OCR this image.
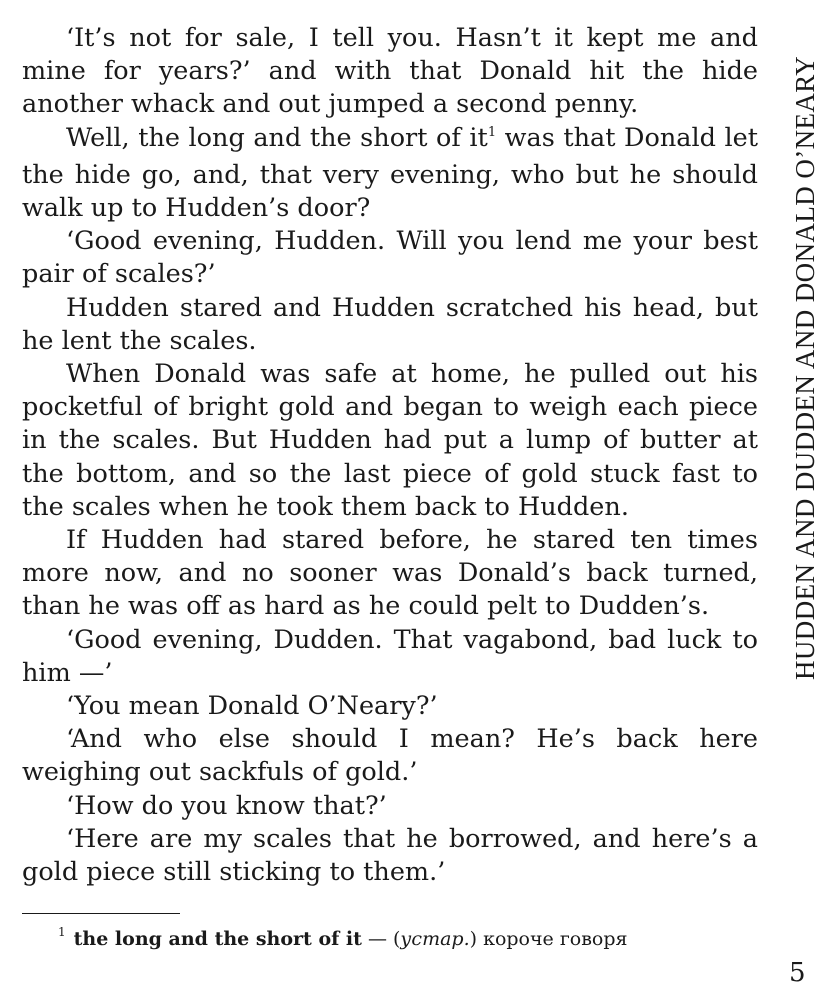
HUDDEN AND DUDDEN AND DONALD O’NEARY

‘It’s not for sale, I tell you. Hasn’t it kept me and mine for years?’ and with that Donald hit the hide another whack and out jumped a second penny.

Well, the long and the short of $it^1$ was that Donald let the hide go, and, that very evening, who but he should walk up to Hudden’s door?

‘Good evening, Hudden. Will you lend me your best pair of scales?’

Hudden stared and Hudden scratched his head, but he lent the scales.

When Donald was safe at home, he pulled out his pocketful of bright gold and began to weigh each piece in the scales. But Hudden had put a lump of butter at the bottom, and so the last piece of gold stuck fast to the scales when he took them back to Hudden.

If Hudden had stared before, he stared ten times more now, and no sooner was Donald’s back turned, than he was off as hard as he could pelt to Dudden’s.

‘Good evening, Dudden. That vagabond, bad luck to him —’

‘You mean Donald O’Neary?’

‘And who else should I mean? He’s back here weighing out sackfuls of gold.’

‘How do you know that?’

‘Here are my scales that he borrowed, and here’s a gold piece still sticking to them.’

$^1$ the long and the short of it — (устар.) короче говоря
5
